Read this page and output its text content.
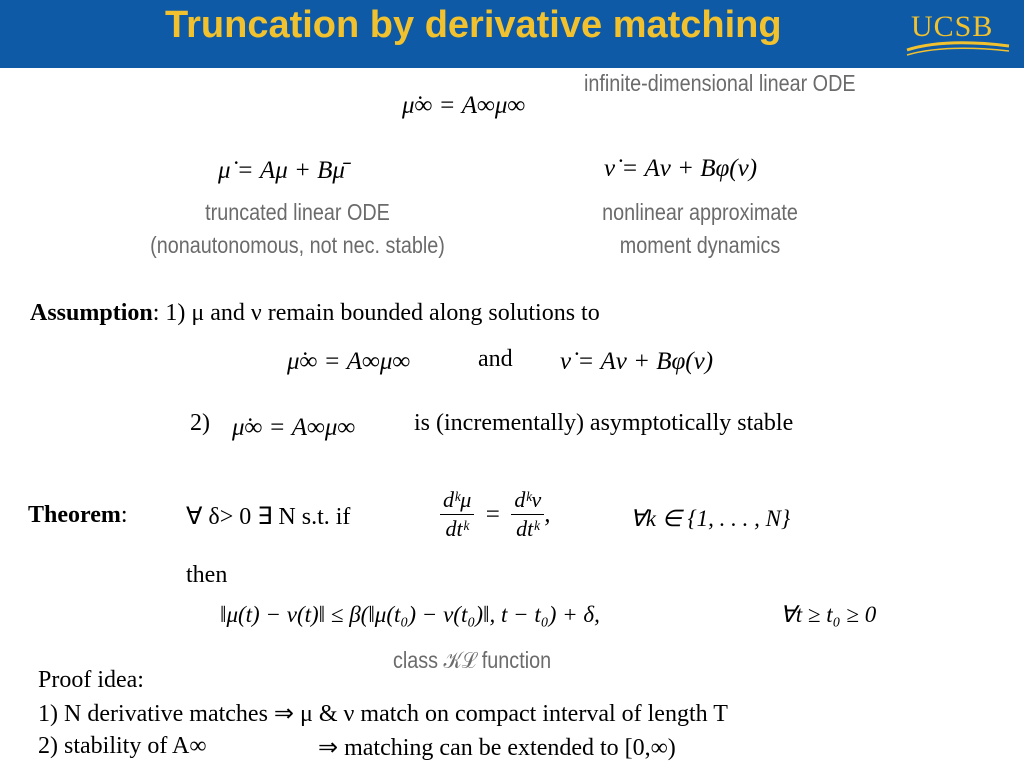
Truncation by derivative matching	UCSB
infinite-dimensional linear ODE
μ̇∞ = A∞μ∞
μ̇ = Aμ + Bμ̄
truncated linear ODE
(nonautonomous, not nec. stable)
ν̇ = Aν + Bφ(ν)
nonlinear approximate
moment dynamics
Assumption: 1) μ and ν remain bounded along solutions to
μ̇∞ = A∞μ∞	and ν̇ = Aν + Bφ(ν)
2) μ̇∞ = A∞μ∞ is (incrementally) asymptotically stable
Theorem: ∀ δ> 0 ∃ N s.t. if	$\frac{\text{dᵏμ}}{\text{dtᵏ}} = \frac{\text{dᵏν}}{\text{dtᵏ}}$ ,	∀k ∈ {1, . . . , N}
then
‖μ(t) − ν(t)‖ ≤ β(‖μ(t₀) − ν(t₀)‖, t − t₀) + δ,	∀t ≥ t₀ ≥ 0
class 𝒦ℒ function
Proof idea:
1) N derivative matches ⇒ μ & ν match on compact interval of length T
2) stability of A∞	⇒ matching can be extended to [0,∞)
